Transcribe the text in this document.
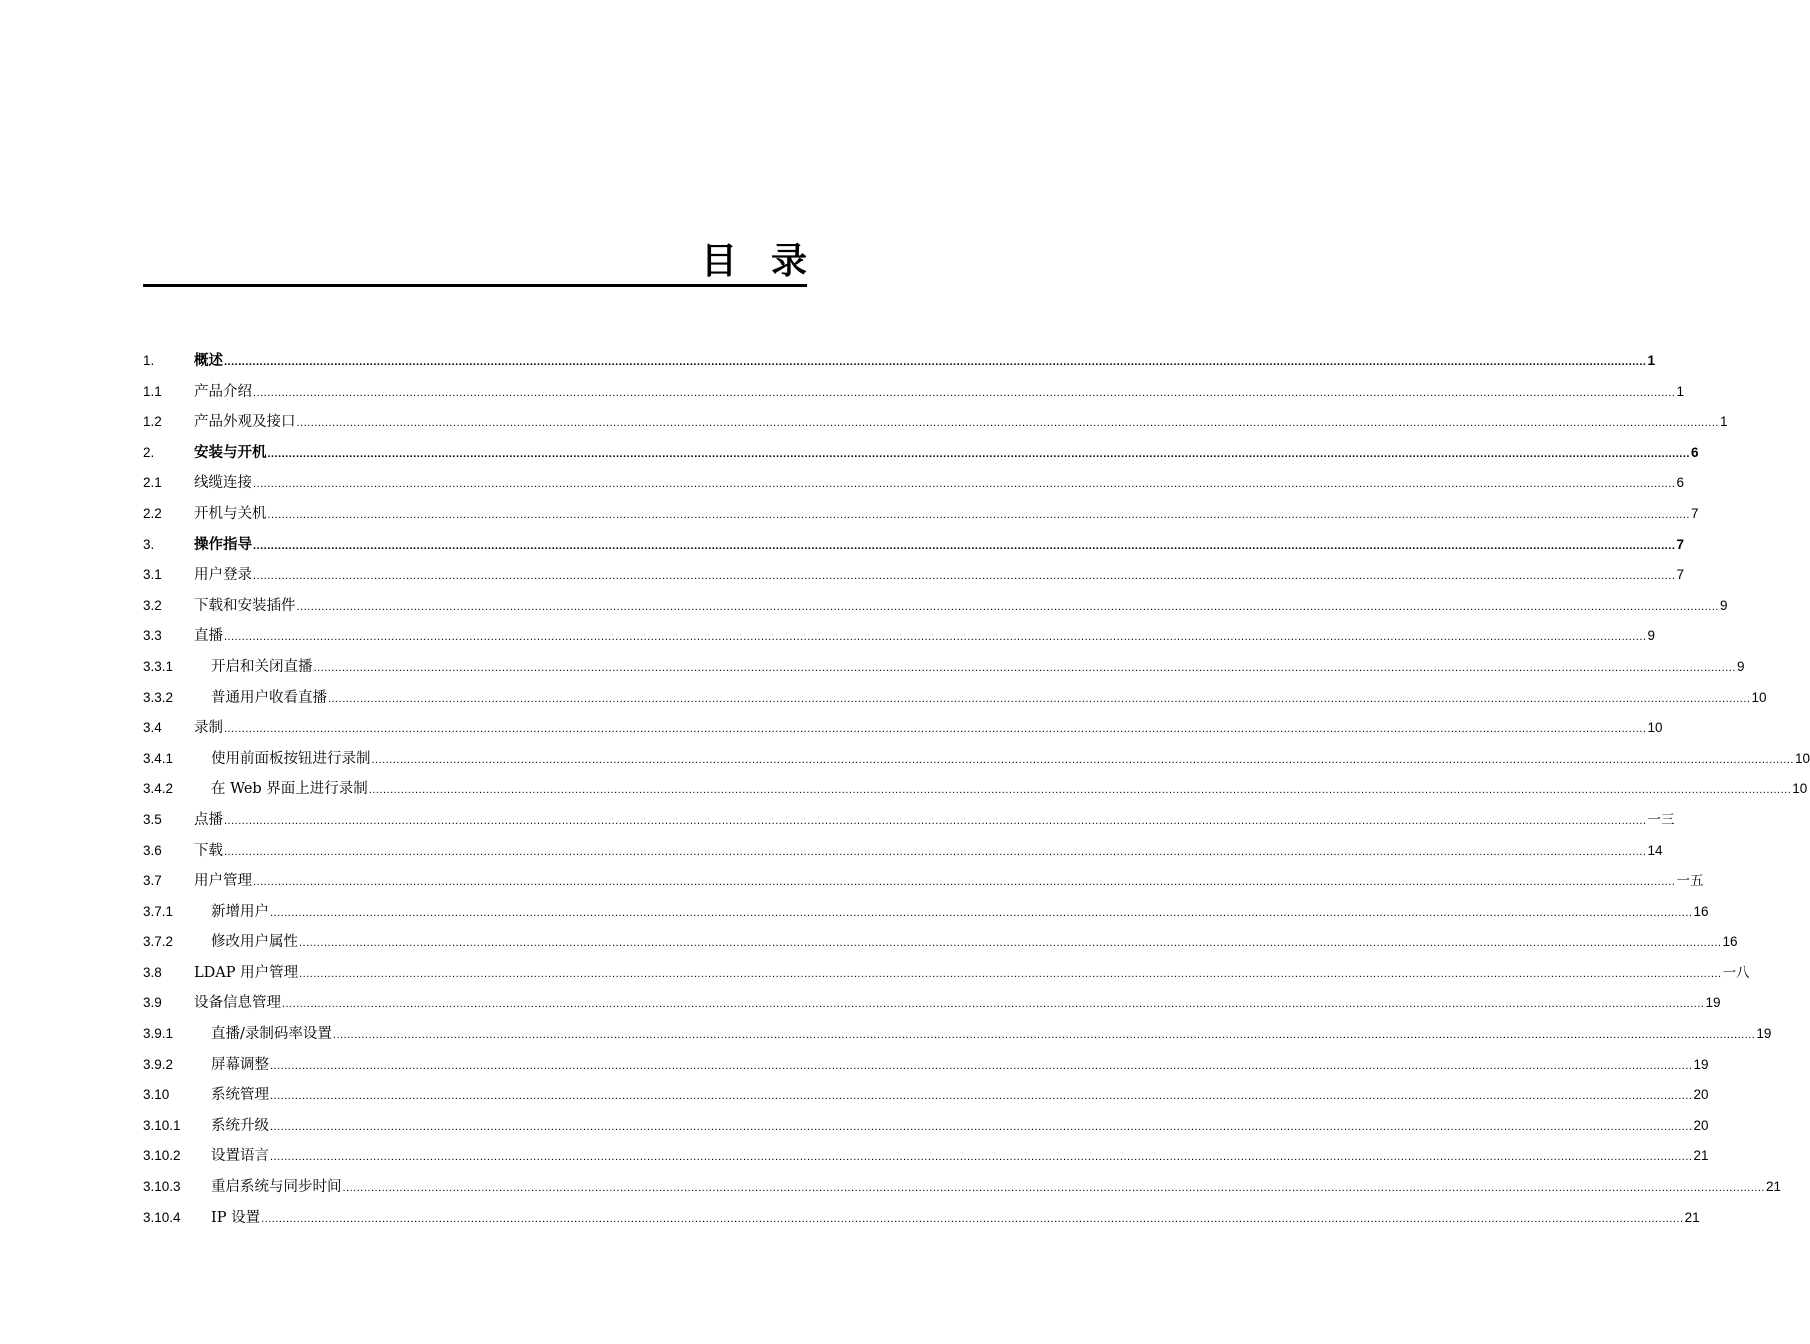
目 录
1.	概述 ................................................................................................................................................................................................................................................................................................................................................................................................................ 1
1.1	产品介绍 ................................................................................................................................................................................................................................................................................................................................................................................................................ 1
1.2	产品外观及接口 ................................................................................................................................................................................................................................................................................................................................................................................................................ 1
2.	安装与开机 ................................................................................................................................................................................................................................................................................................................................................................................................................ 6
2.1	线缆连接 ................................................................................................................................................................................................................................................................................................................................................................................................................ 6
2.2	开机与关机 ................................................................................................................................................................................................................................................................................................................................................................................................................ 7
3.	操作指导 ................................................................................................................................................................................................................................................................................................................................................................................................................ 7
3.1	用户登录 ................................................................................................................................................................................................................................................................................................................................................................................................................ 7
3.2	下载和安装插件 ................................................................................................................................................................................................................................................................................................................................................................................................................ 9
3.3	直播 ................................................................................................................................................................................................................................................................................................................................................................................................................ 9
3.3.1	开启和关闭直播 ................................................................................................................................................................................................................................................................................................................................................................................................................ 9
3.3.2	普通用户收看直播 ................................................................................................................................................................................................................................................................................................................................................................................................................ 10
3.4	录制 ................................................................................................................................................................................................................................................................................................................................................................................................................ 10
3.4.1	使用前面板按钮进行录制 ................................................................................................................................................................................................................................................................................................................................................................................................................ 10
3.4.2	在 Web 界面上进行录制 ................................................................................................................................................................................................................................................................................................................................................................................................................ 10
3.5	点播 ................................................................................................................................................................................................................................................................................................................................................................................................................ 一三
3.6	下载 ................................................................................................................................................................................................................................................................................................................................................................................................................ 14
3.7	用户管理 ................................................................................................................................................................................................................................................................................................................................................................................................................ 一五
3.7.1	新增用户 ................................................................................................................................................................................................................................................................................................................................................................................................................ 16
3.7.2	修改用户属性 ................................................................................................................................................................................................................................................................................................................................................................................................................ 16
3.8	LDAP 用户管理 ................................................................................................................................................................................................................................................................................................................................................................................................................ 一八
3.9	设备信息管理 ................................................................................................................................................................................................................................................................................................................................................................................................................ 19
3.9.1	直播/录制码率设置 ................................................................................................................................................................................................................................................................................................................................................................................................................ 19
3.9.2	屏幕调整 ................................................................................................................................................................................................................................................................................................................................................................................................................ 19
3.10	系统管理 ................................................................................................................................................................................................................................................................................................................................................................................................................ 20
3.10.1	系统升级 ................................................................................................................................................................................................................................................................................................................................................................................................................ 20
3.10.2	设置语言 ................................................................................................................................................................................................................................................................................................................................................................................................................ 21
3.10.3	重启系统与同步时间 ................................................................................................................................................................................................................................................................................................................................................................................................................ 21
3.10.4	IP 设置 ................................................................................................................................................................................................................................................................................................................................................................................................................ 21
